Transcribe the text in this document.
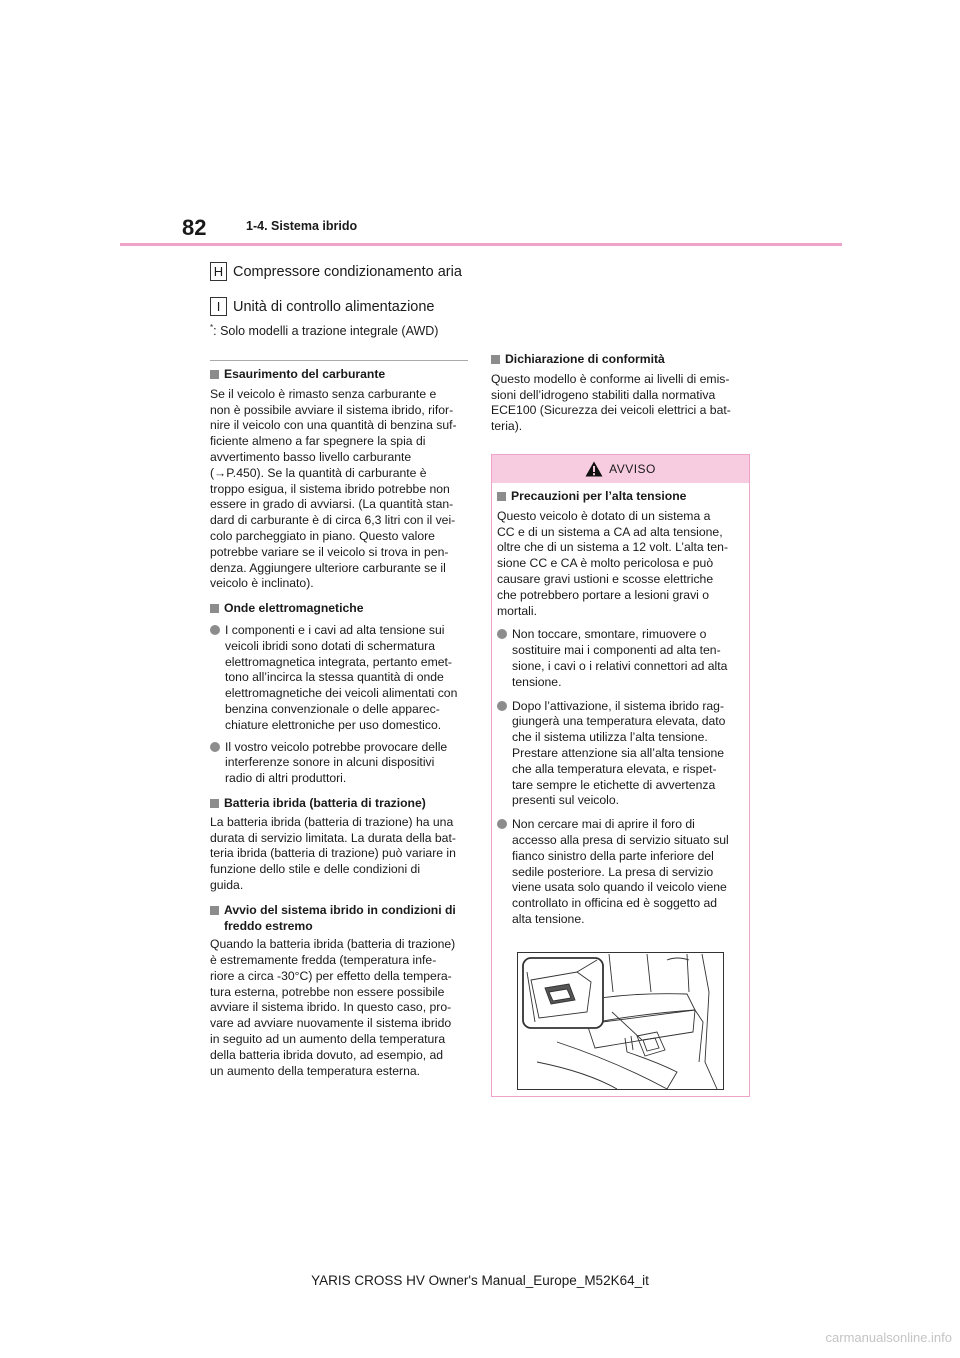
82	1-4. Sistema ibrido
H Compressore condizionamento aria
I Unità di controllo alimentazione
*: Solo modelli a trazione integrale (AWD)
Esaurimento del carburante

Se il veicolo è rimasto senza carburante e

non è possibile avviare il sistema ibrido, rifor-

nire il veicolo con una quantità di benzina suf-

ficiente almeno a far spegnere la spia di

avvertimento basso livello carburante

(→P.450). Se la quantità di carburante è

troppo esigua, il sistema ibrido potrebbe non

essere in grado di avviarsi. (La quantità stan-

dard di carburante è di circa 6,3 litri con il vei-

colo parcheggiato in piano. Questo valore

potrebbe variare se il veicolo si trova in pen-

denza. Aggiungere ulteriore carburante se il

veicolo è inclinato).

Onde elettromagnetiche

I componenti e i cavi ad alta tensione sui

veicoli ibridi sono dotati di schermatura

elettromagnetica integrata, pertanto emet-

tono all’incirca la stessa quantità di onde

elettromagnetiche dei veicoli alimentati con

benzina convenzionale o delle apparec-

chiature elettroniche per uso domestico.

Il vostro veicolo potrebbe provocare delle

interferenze sonore in alcuni dispositivi

radio di altri produttori.

Batteria ibrida (batteria di trazione)

La batteria ibrida (batteria di trazione) ha una

durata di servizio limitata. La durata della bat-

teria ibrida (batteria di trazione) può variare in

funzione dello stile e delle condizioni di

guida.

Avvio del sistema ibrido in condizioni di

freddo estremo

Quando la batteria ibrida (batteria di trazione)

è estremamente fredda (temperatura infe-

riore a circa -30°C) per effetto della tempera-

tura esterna, potrebbe non essere possibile

avviare il sistema ibrido. In questo caso, pro-

vare ad avviare nuovamente il sistema ibrido

in seguito ad un aumento della temperatura

della batteria ibrida dovuto, ad esempio, ad

un aumento della temperatura esterna.

Dichiarazione di conformità

Questo modello è conforme ai livelli di emis-

sioni dell’idrogeno stabiliti dalla normativa

ECE100 (Sicurezza dei veicoli elettrici a bat-

teria).

AVVISO
Precauzioni per l’alta tensione

Questo veicolo è dotato di un sistema a

CC e di un sistema a CA ad alta tensione,

oltre che di un sistema a 12 volt. L’alta ten-

sione CC e CA è molto pericolosa e può

causare gravi ustioni e scosse elettriche

che potrebbero portare a lesioni gravi o

mortali.

Non toccare, smontare, rimuovere o

sostituire mai i componenti ad alta ten-

sione, i cavi o i relativi connettori ad alta

tensione.

Dopo l’attivazione, il sistema ibrido rag-

giungerà una temperatura elevata, dato

che il sistema utilizza l’alta tensione.

Prestare attenzione sia all’alta tensione

che alla temperatura elevata, e rispet-

tare sempre le etichette di avvertenza

presenti sul veicolo.

Non cercare mai di aprire il foro di

accesso alla presa di servizio situato sul

fianco sinistro della parte inferiore del

sedile posteriore. La presa di servizio

viene usata solo quando il veicolo viene

controllato in officina ed è soggetto ad

alta tensione.

YARIS CROSS HV Owner's Manual_Europe_M52K64_it
carmanualsonline.info
